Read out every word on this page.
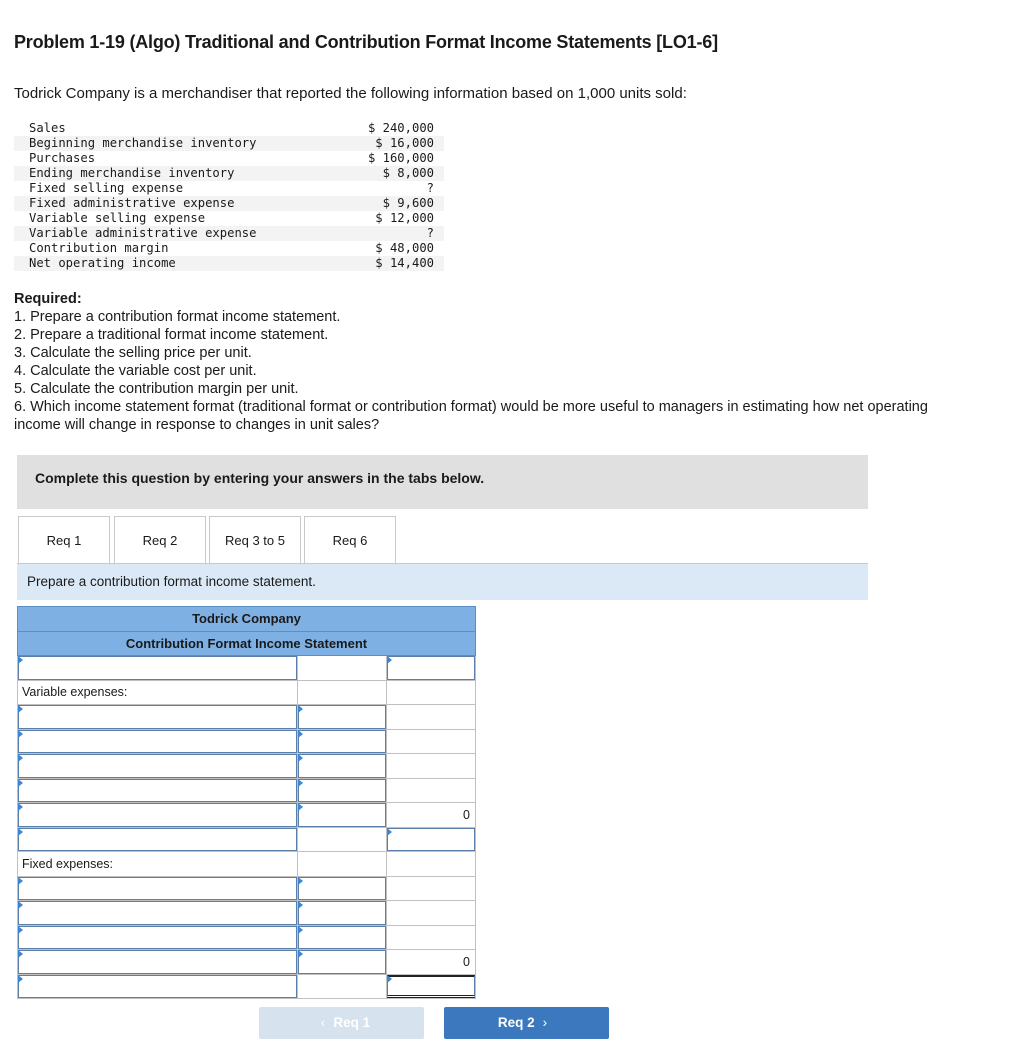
Problem 1-19 (Algo) Traditional and Contribution Format Income Statements [LO1-6]

Todrick Company is a merchandiser that reported the following information based on 1,000 units sold:

Sales	$ 240,000
Beginning merchandise inventory	$ 16,000
Purchases	$ 160,000
Ending merchandise inventory	$ 8,000
Fixed selling expense	?
Fixed administrative expense	$ 9,600
Variable selling expense	$ 12,000
Variable administrative expense	?
Contribution margin	$ 48,000
Net operating income	$ 14,400

Required:

1. Prepare a contribution format income statement.

2. Prepare a traditional format income statement.

3. Calculate the selling price per unit.

4. Calculate the variable cost per unit.

5. Calculate the contribution margin per unit.

6. Which income statement format (traditional format or contribution format) would be more useful to managers in estimating how net operating income will change in response to changes in unit sales?

Complete this question by entering your answers in the tabs below.
Req 1	Req 2	Req 3 to 5	Req 6
Prepare a contribution format income statement.
Todrick Company		
Contribution Format Income Statement		

Variable expenses:		

	0

Fixed expenses:		

	0

‹ Req 1	Req 2 ›
